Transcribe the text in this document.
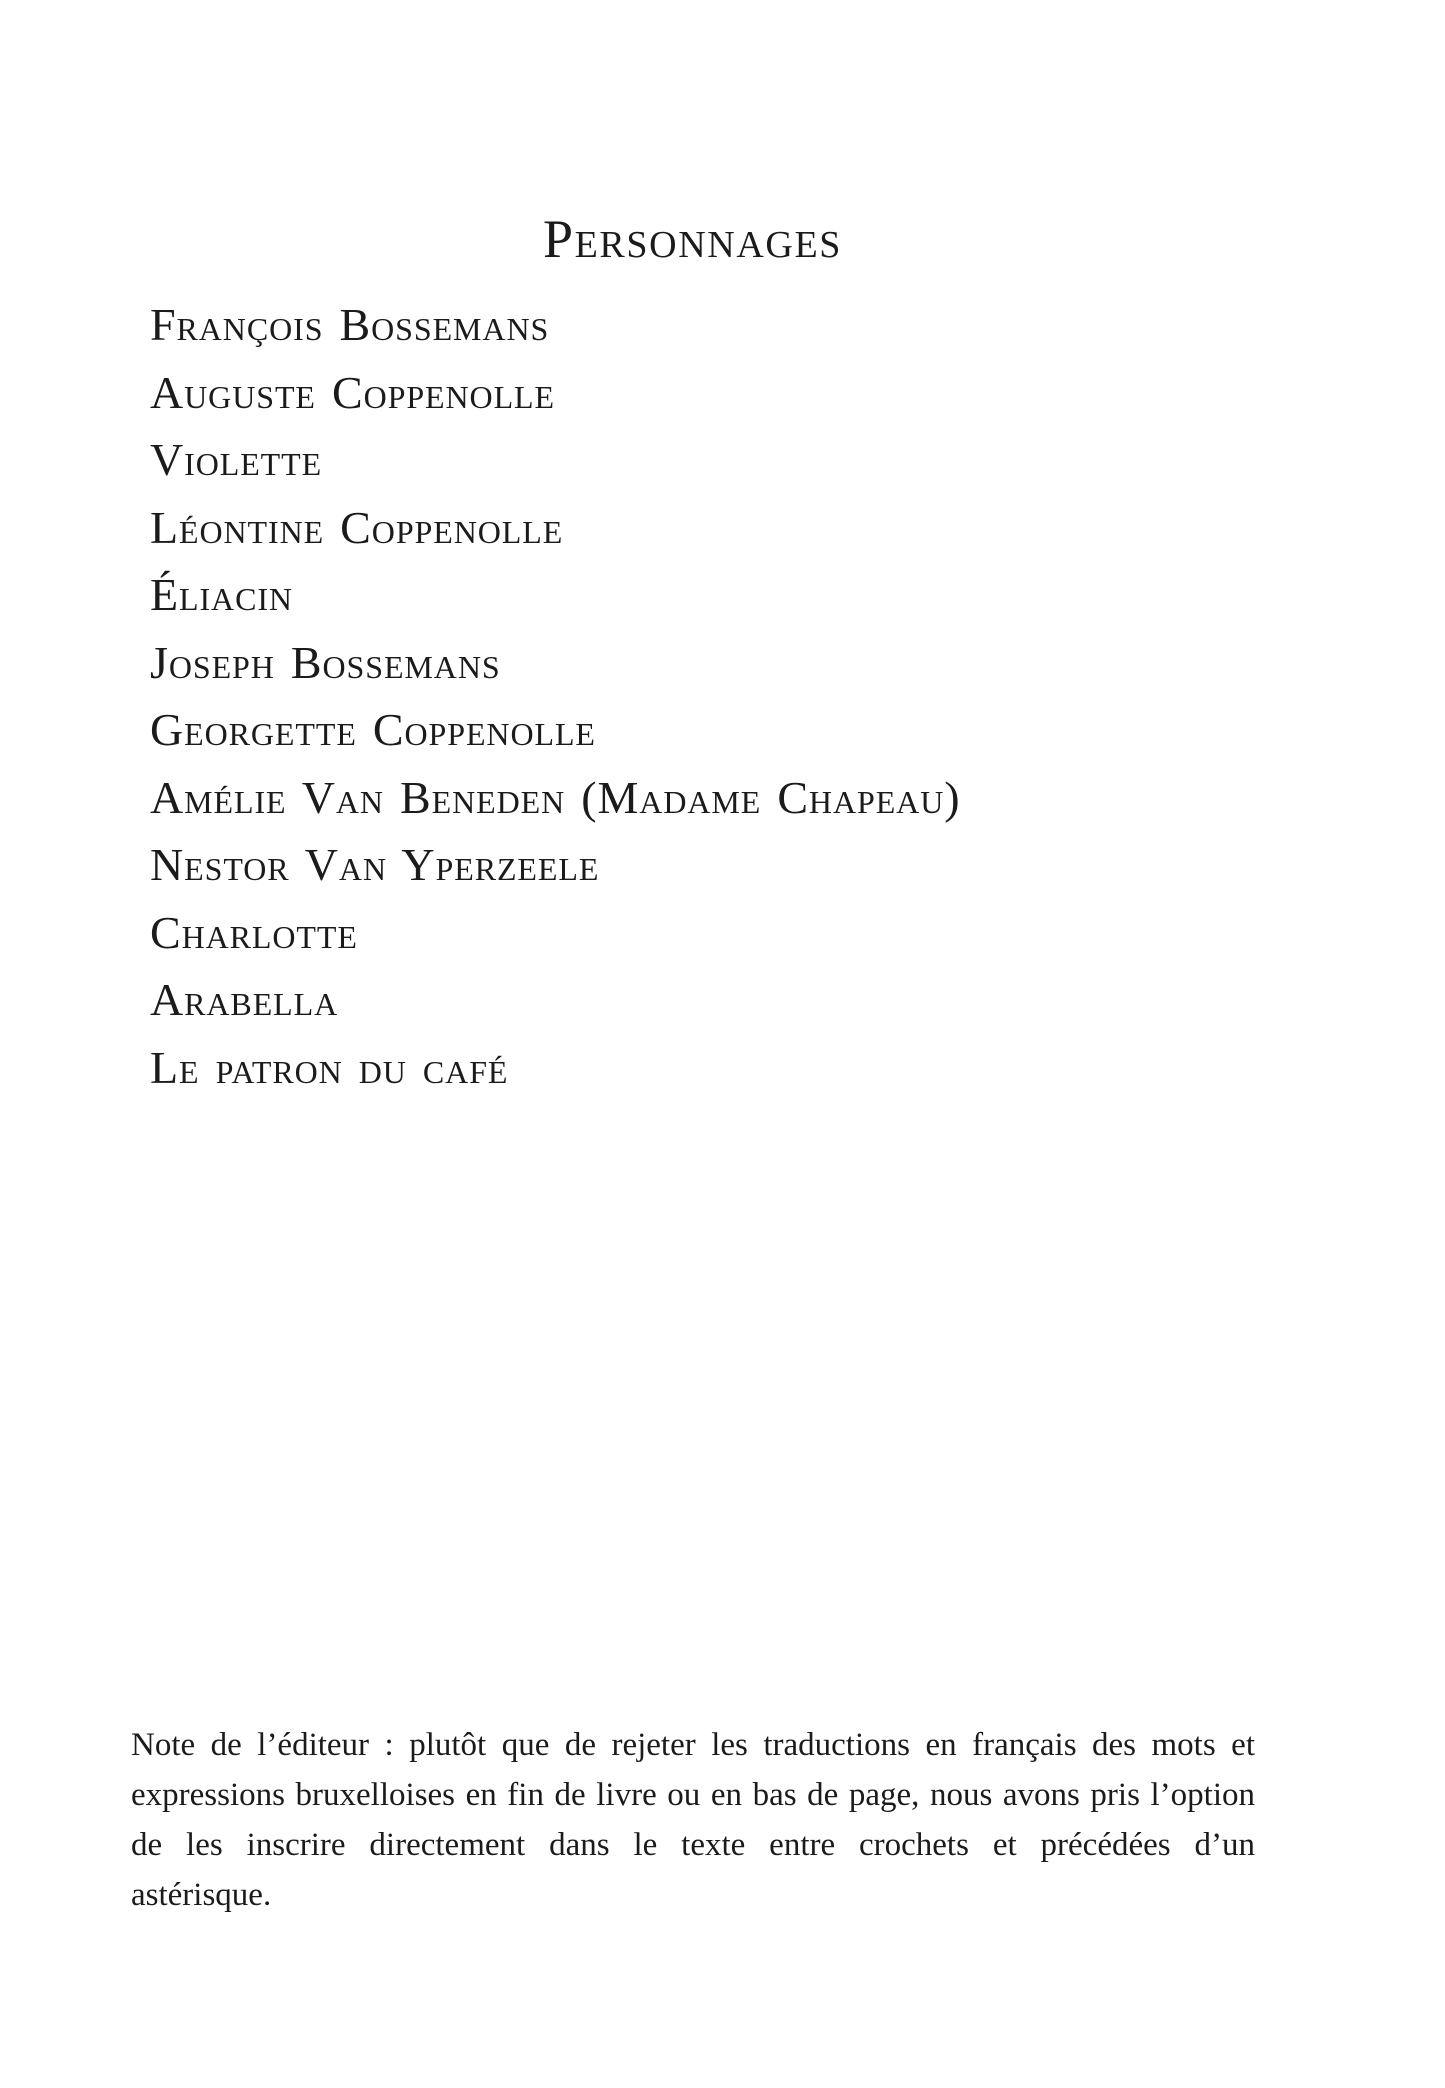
Personnages
François Bossemans
Auguste Coppenolle
Violette
Léontine Coppenolle
Éliacin
Joseph Bossemans
Georgette Coppenolle
Amélie Van Beneden (Madame Chapeau)
Nestor Van Yperzeele
Charlotte
Arabella
Le patron du café

Note de l’éditeur : plutôt que de rejeter les traductions en français des mots et expressions bruxelloises en fin de livre ou en bas de page, nous avons pris l’option de les inscrire directement dans le texte entre crochets et précédées d’un astérisque.
